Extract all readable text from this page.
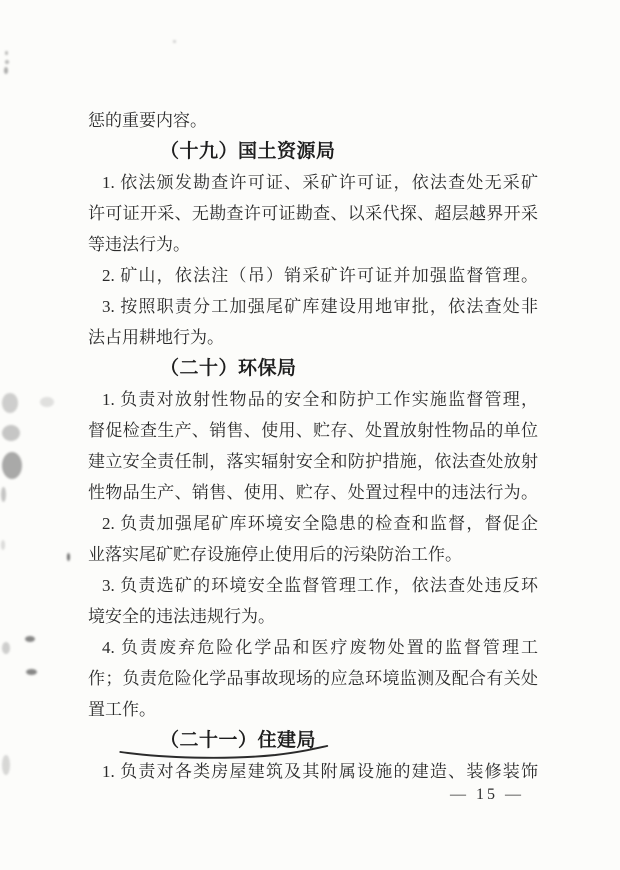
惩的重要内容。
（十九）国土资源局
1. 依法颁发勘查许可证、采矿许可证，依法查处无采矿
许可证开采、无勘查许可证勘查、以采代探、超层越界开采
等违法行为。
2. 矿山，依法注（吊）销采矿许可证并加强监督管理。
3. 按照职责分工加强尾矿库建设用地审批，依法查处非
法占用耕地行为。
（二十）环保局
1. 负责对放射性物品的安全和防护工作实施监督管理，
督促检查生产、销售、使用、贮存、处置放射性物品的单位
建立安全责任制，落实辐射安全和防护措施，依法查处放射
性物品生产、销售、使用、贮存、处置过程中的违法行为。
2. 负责加强尾矿库环境安全隐患的检查和监督，督促企
业落实尾矿贮存设施停止使用后的污染防治工作。
3. 负责选矿的环境安全监督管理工作，依法查处违反环
境安全的违法违规行为。
4. 负责废弃危险化学品和医疗废物处置的监督管理工
作；负责危险化学品事故现场的应急环境监测及配合有关处
置工作。
（二十一）住建局
1. 负责对各类房屋建筑及其附属设施的建造、装修装饰
— 15 —
